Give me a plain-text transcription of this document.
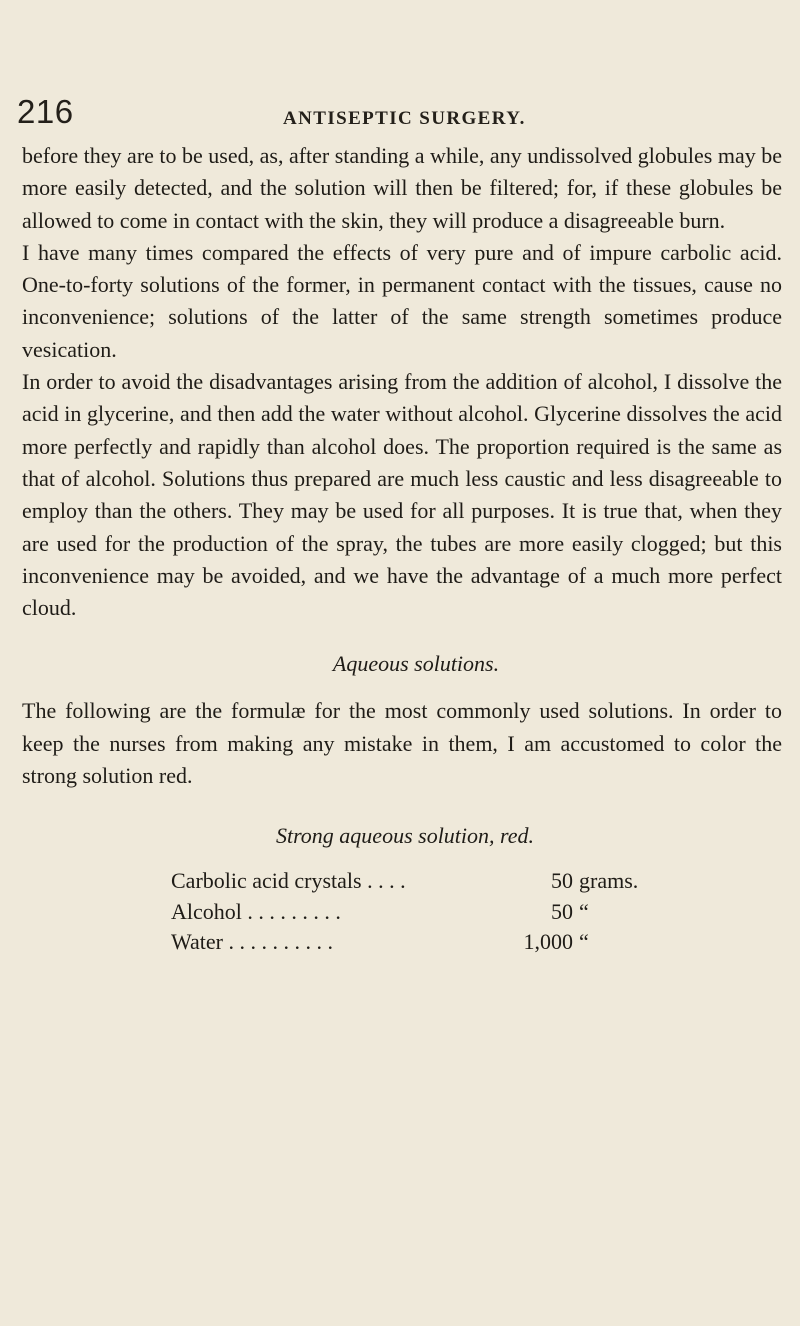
216	ANTISEPTIC SURGERY.

before they are to be used, as, after standing a while, any undissolved globules may be more easily detected, and the solution will then be filtered; for, if these globules be allowed to come in contact with the skin, they will produce a disagreeable burn.

I have many times compared the effects of very pure and of impure carbolic acid. One-to-forty solutions of the former, in permanent contact with the tissues, cause no inconvenience; solutions of the latter of the same strength sometimes produce vesication.

In order to avoid the disadvantages arising from the addition of alcohol, I dissolve the acid in glycerine, and then add the water without alcohol. Glycerine dissolves the acid more perfectly and rapidly than alcohol does. The proportion required is the same as that of alcohol. Solutions thus prepared are much less caustic and less disagreeable to employ than the others. They may be used for all purposes. It is true that, when they are used for the production of the spray, the tubes are more easily clogged; but this inconvenience may be avoided, and we have the advantage of a much more perfect cloud.

Aqueous solutions.

The following are the formulæ for the most commonly used solutions. In order to keep the nurses from making any mistake in them, I am accustomed to color the strong solution red.

Strong aqueous solution, red.
Carbolic acid crystals . . . .	50 grams.
Alcohol . . . . . . . . .	50 “
Water . . . . . . . . . .	1,000 “
